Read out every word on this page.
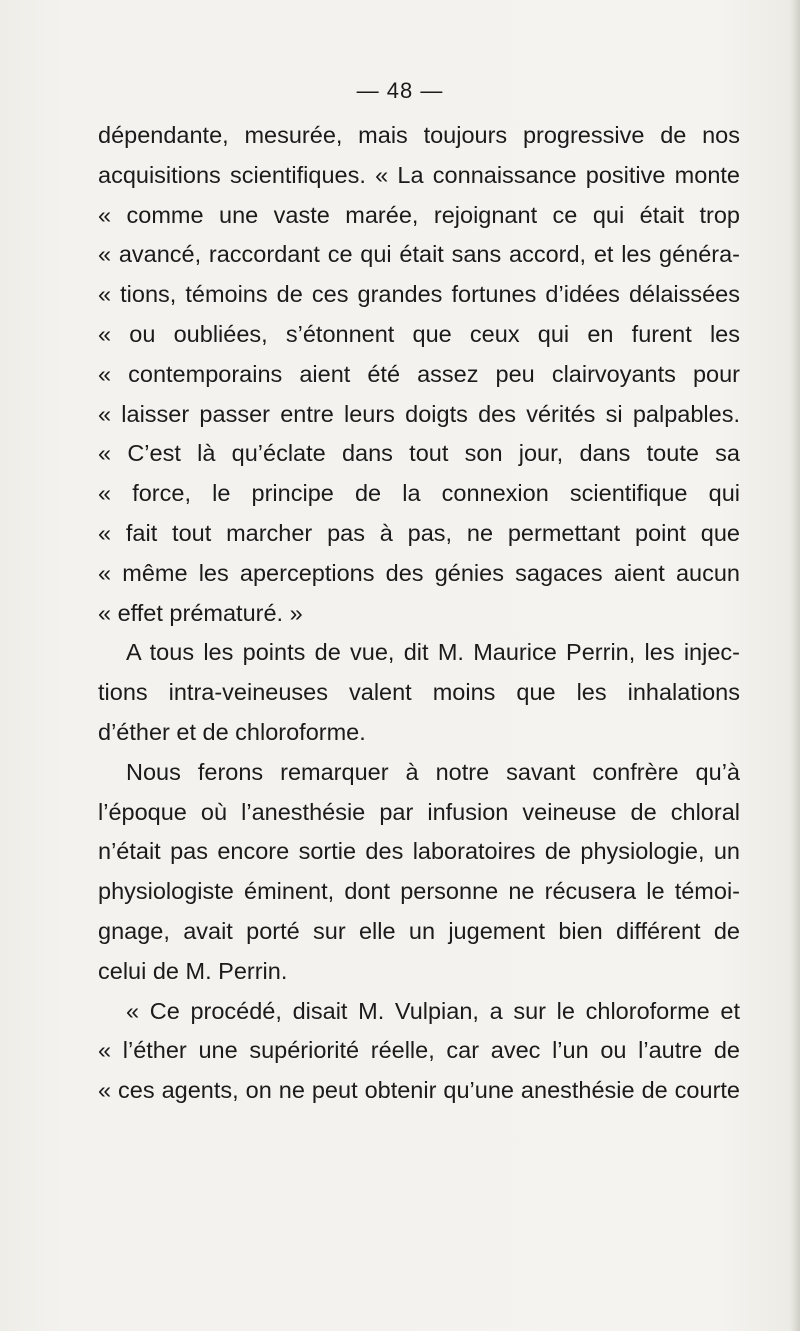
— 48 —
dépendante, mesurée, mais toujours progressive de nos
acquisitions scientifiques. « La connaissance positive monte
« comme une vaste marée, rejoignant ce qui était trop
« avancé, raccordant ce qui était sans accord, et les généra-
« tions, témoins de ces grandes fortunes d’idées délaissées
« ou oubliées, s’étonnent que ceux qui en furent les
« contemporains aient été assez peu clairvoyants pour
« laisser passer entre leurs doigts des vérités si palpables.
« C’est là qu’éclate dans tout son jour, dans toute sa
« force, le principe de la connexion scientifique qui
« fait tout marcher pas à pas, ne permettant point que
« même les aperceptions des génies sagaces aient aucun
« effet prématuré. »
A tous les points de vue, dit M. Maurice Perrin, les injec-
tions intra-veineuses valent moins que les inhalations
d’éther et de chloroforme.
Nous ferons remarquer à notre savant confrère qu’à
l’époque où l’anesthésie par infusion veineuse de chloral
n’était pas encore sortie des laboratoires de physiologie, un
physiologiste éminent, dont personne ne récusera le témoi-
gnage, avait porté sur elle un jugement bien différent de
celui de M. Perrin.
« Ce procédé, disait M. Vulpian, a sur le chloroforme et
« l’éther une supériorité réelle, car avec l’un ou l’autre de
« ces agents, on ne peut obtenir qu’une anesthésie de courte
